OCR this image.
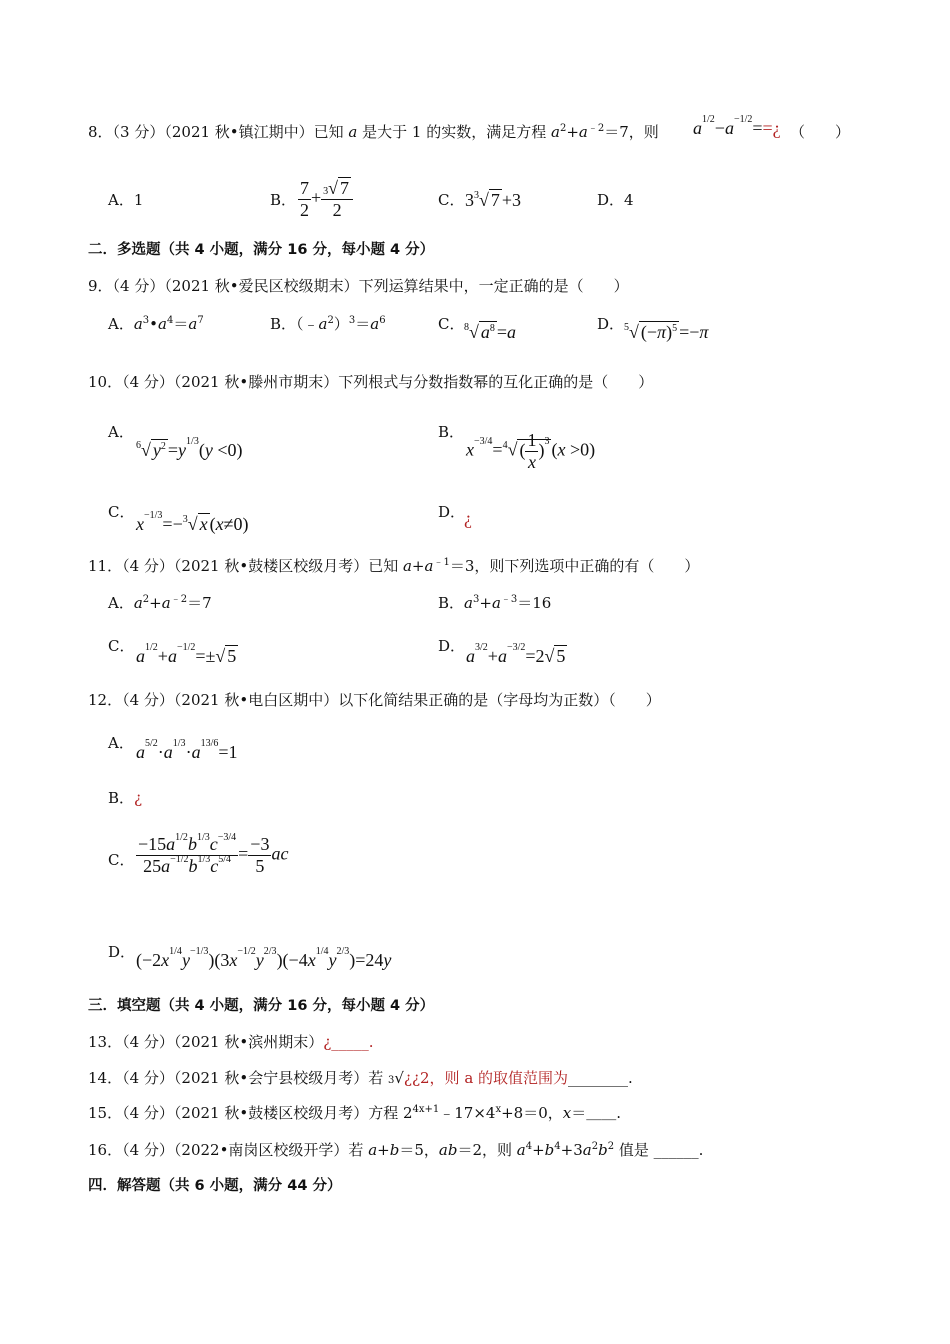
8．（3 分）（2021 秋•镇江期中）已知 a 是大于 1 的实数，满足方程 $a^2+a^{﹣2}=7$，则 $a^{1/2}-a^{-1/2}==¿$ （　　）
A．1	B． $\frac{7}{2} + \frac{3√ 7}{2}$	C． $3^3√$ 7 +3	D．4
二．多选题（共 4 小题，满分 16 分，每小题 4 分）
9．（4 分）（2021 秋•爱民区校级期末）下列运算结果中，一定正确的是（　　）
A．$a^3•a^4=a^7$	B．$(﹣a^2)^3=a^6$	C． $^8$√ $a^8 =a$	D． $^5$√ $(-\pi)^5 =-\pi$
10．（4 分）（2021 秋•滕州市期末）下列根式与分数指数幂的互化正确的是（　　）
A．
$^6$√ $y^2 =y^{1/3}(y <0)$
B．
$x^{-3/4}=^4√$ ( $\frac{1}{x} )^3$ (x >0)
C．
$x^{-1/3}=-^3√$ x (x≠0)
D．
¿
11．（4 分）（2021 秋•鼓楼区校级月考）已知 $a+a^{﹣1}=3$，则下列选项中正确的有（　　）
A．$a^2+a^{﹣2}=7$	B．$a^3+a^{﹣3}=16$
C． $a^{1/2}+a^{-1/2}=\pm√$ 5	D． $a^{3/2}+a^{-3/2}=2√$ 5
12．（4 分）（2021 秋•电白区期中）以下化简结果正确的是（字母均为正数）（　　）
A． $a^{5/2}\cdot a^{1/3}\cdot a^{13/6}=1$
B．¿
C． $\frac{-15a^{1/2}b^{1/3}c^{-3/4}}{25a^{-1/2}b^{1/3}c^{5/4}} = \frac{-3}{5}$ ac
D． $(-2x^{1/4}y^{-1/3})(3x^{-1/2}y^{2/3})(-4x^{1/4}y^{2/3})=24y$
三．填空题（共 4 小题，满分 16 分，每小题 4 分）
13．（4 分）（2021 秋•滨州期末）¿_____.
14．（4 分）（2021 秋•会宁县校级月考）若 3√¿¿2，则 a 的取值范围为________.
15．（4 分）（2021 秋•鼓楼区校级月考）方程 $2^{4x+1}﹣17\times 4^x+8=0$，x＝＿＿.
16．（4 分）（2022•南岗区校级开学）若 a+b＝5，ab＝2，则 $a^4+b^4+3a^2b^2$ 值是 ______.
四．解答题（共 6 小题，满分 44 分）
